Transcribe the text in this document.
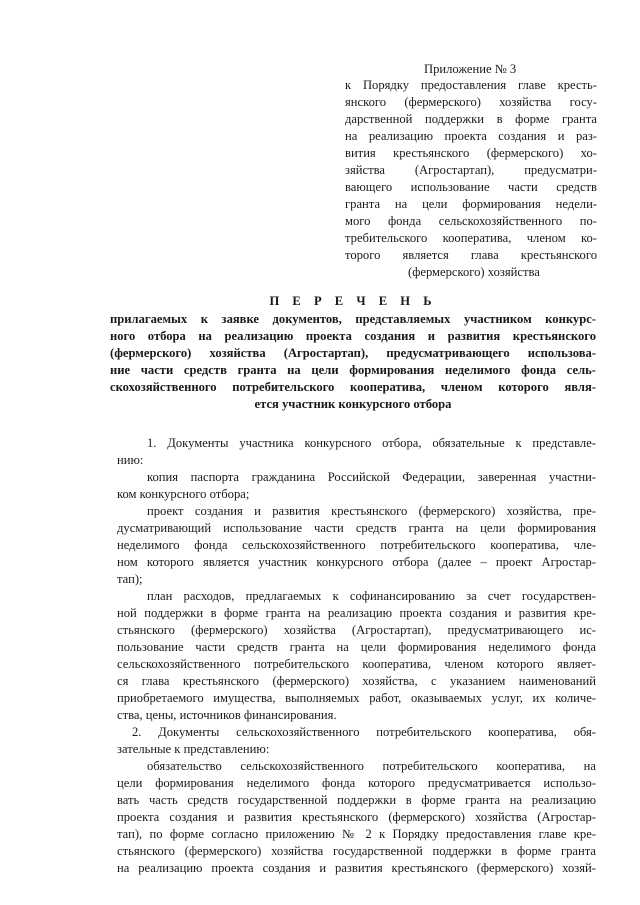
Приложение № 3
к Порядку предоставления главе кресть-
янского (фермерского) хозяйства госу-
дарственной поддержки в форме гранта
на реализацию проекта создания и раз-
вития крестьянского (фермерского) хо-
зяйства (Агростартап), предусматри-
вающего использование части средств
гранта на цели формирования недели-
мого фонда сельскохозяйственного по-
требительского кооператива, членом ко-
торого является глава крестьянского
(фермерского) хозяйства
П Е Р Е Ч Е Н Ь
прилагаемых к заявке документов, представляемых участником конкурс-
ного отбора на реализацию проекта создания и развития крестьянского
(фермерского) хозяйства (Агростартап), предусматривающего использова-
ние части средств гранта на цели формирования неделимого фонда сель-
скохозяйственного потребительского кооператива, членом которого явля-
ется участник конкурсного отбора
1. Документы участника конкурсного отбора, обязательные к представле-
нию:
копия паспорта гражданина Российской Федерации, заверенная участни-
ком конкурсного отбора;
проект создания и развития крестьянского (фермерского) хозяйства, пре-
дусматривающий использование части средств гранта на цели формирования
неделимого фонда сельскохозяйственного потребительского кооператива, чле-
ном которого является участник конкурсного отбора (далее – проект Агростар-
тап);
план расходов, предлагаемых к софинансированию за счет государствен-
ной поддержки в форме гранта на реализацию проекта создания и развития кре-
стьянского (фермерского) хозяйства (Агростартап), предусматривающего ис-
пользование части средств гранта на цели формирования неделимого фонда
сельскохозяйственного потребительского кооператива, членом которого являет-
ся глава крестьянского (фермерского) хозяйства, с указанием наименований
приобретаемого имущества, выполняемых работ, оказываемых услуг, их количе-
ства, цены, источников финансирования.
2. Документы сельскохозяйственного потребительского кооператива, обя-
зательные к представлению:
обязательство сельскохозяйственного потребительского кооператива, на
цели формирования неделимого фонда которого предусматривается использо-
вать часть средств государственной поддержки в форме гранта на реализацию
проекта создания и развития крестьянского (фермерского) хозяйства (Агростар-
тап), по форме согласно приложению № 2 к Порядку предоставления главе кре-
стьянского (фермерского) хозяйства государственной поддержки в форме гранта
на реализацию проекта создания и развития крестьянского (фермерского) хозяй-
